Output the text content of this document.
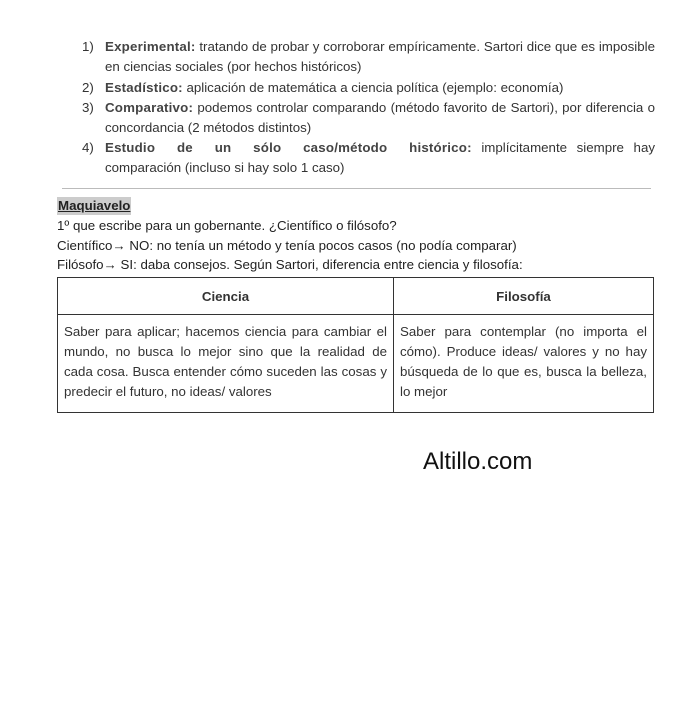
1) Experimental: tratando de probar y corroborar empíricamente. Sartori dice que es imposible en ciencias sociales (por hechos históricos)
2) Estadístico: aplicación de matemática a ciencia política (ejemplo: economía)
3) Comparativo: podemos controlar comparando (método favorito de Sartori), por diferencia o concordancia (2 métodos distintos)
4) Estudio de un sólo caso/método histórico: implícitamente siempre hay comparación (incluso si hay solo 1 caso)
Maquiavelo
1º que escribe para un gobernante. ¿Científico o filósofo?
Científico→ NO: no tenía un método y tenía pocos casos (no podía comparar)
Filósofo→ SI: daba consejos. Según Sartori, diferencia entre ciencia y filosofía:
Ciencia	Filosofía
Saber para aplicar; hacemos ciencia para cambiar el mundo, no busca lo mejor sino que la realidad de cada cosa. Busca entender cómo suceden las cosas y predecir el futuro, no ideas/ valores	Saber para contemplar (no importa el cómo). Produce ideas/ valores y no hay búsqueda de lo que es, busca la belleza, lo mejor
Altillo.com
